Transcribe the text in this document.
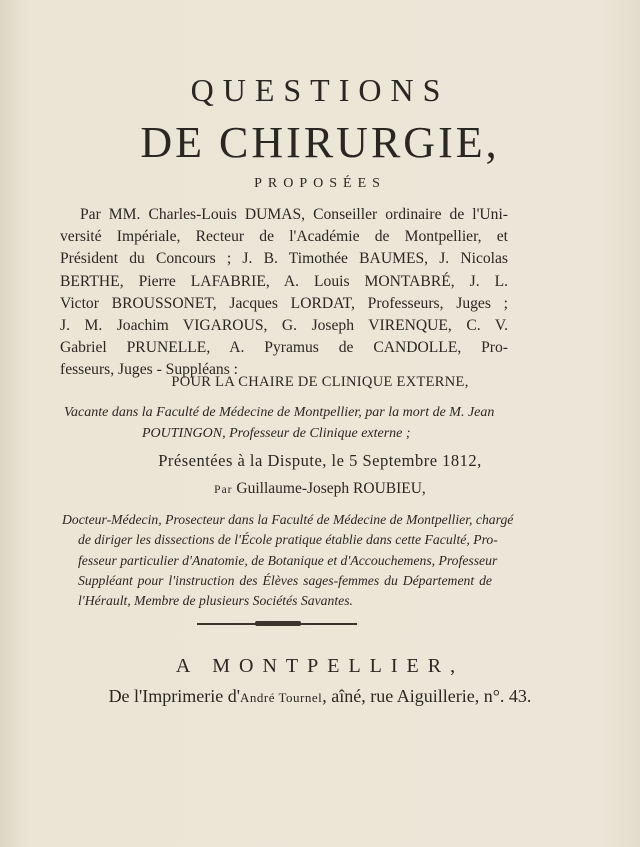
QUESTIONS
DE CHIRURGIE,
PROPOSÉES
Par MM. Charles-Louis DUMAS, Conseiller ordinaire de l'Uni-
versité Impériale, Recteur de l'Académie de Montpellier, et
Président du Concours ; J. B. Timothée BAUMES, J. Nicolas
BERTHE, Pierre LAFABRIE, A. Louis MONTABRÉ, J. L.
Victor BROUSSONET, Jacques LORDAT, Professeurs, Juges ;
J. M. Joachim VIGAROUS, G. Joseph VIRENQUE, C. V.
Gabriel PRUNELLE, A. Pyramus de CANDOLLE, Pro-
fesseurs, Juges - Suppléans :
POUR LA CHAIRE DE CLINIQUE EXTERNE,
Vacante dans la Faculté de Médecine de Montpellier, par la mort de M. Jean
POUTINGON, Professeur de Clinique externe ;
Présentées à la Dispute, le 5 Septembre 1812,
Par Guillaume-Joseph ROUBIEU,
Docteur-Médecin, Prosecteur dans la Faculté de Médecine de Montpellier, chargé
de diriger les dissections de l'École pratique établie dans cette Faculté, Pro-
fesseur particulier d'Anatomie, de Botanique et d'Accouchemens, Professeur
Suppléant pour l'instruction des Élèves sages-femmes du Département de
l'Hérault, Membre de plusieurs Sociétés Savantes.
A MONTPELLIER,
De l'Imprimerie d'André Tournel, aîné, rue Aiguillerie, n°. 43.
